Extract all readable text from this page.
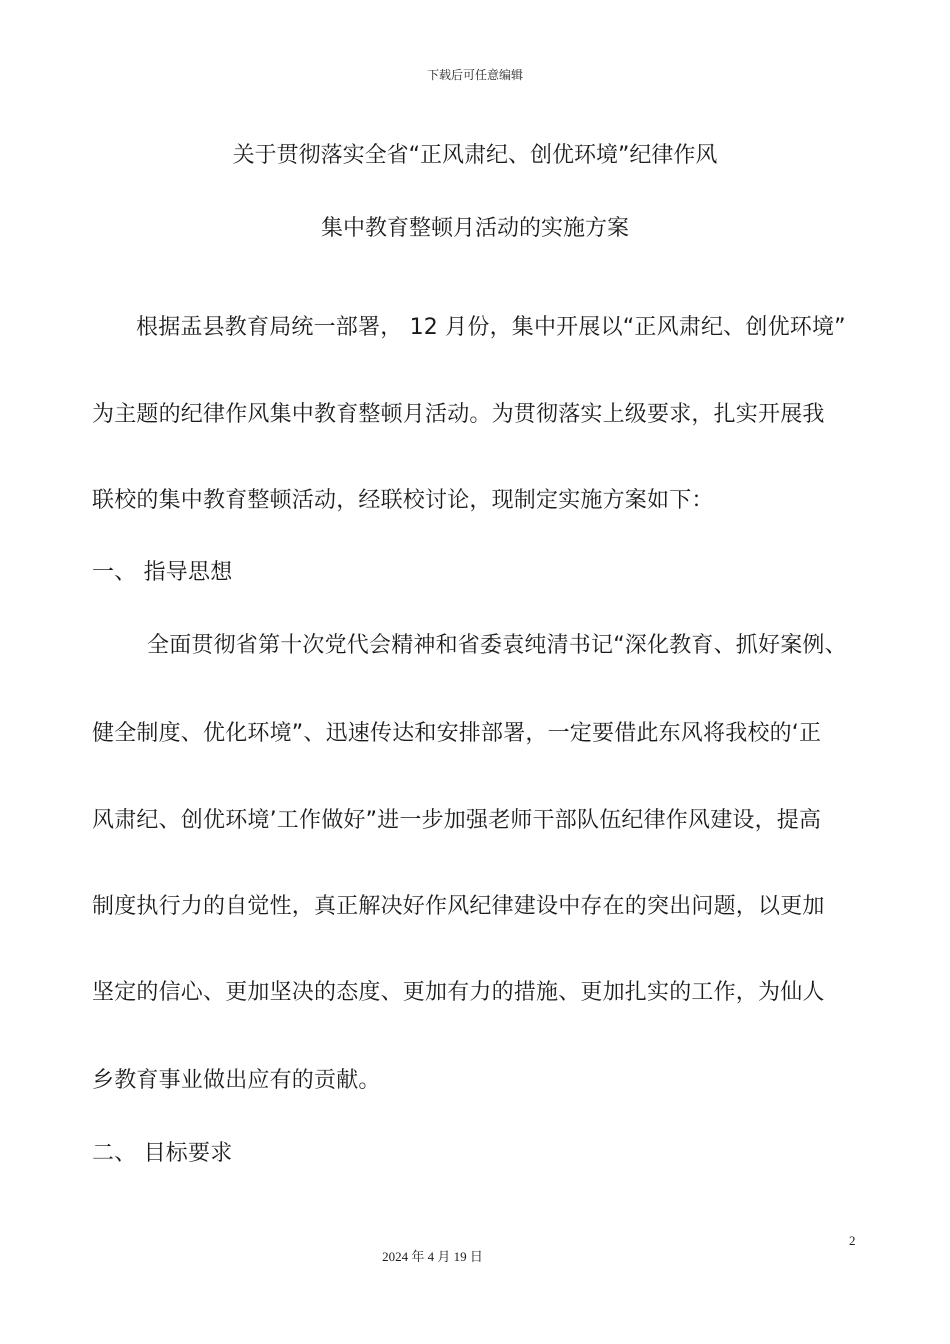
下载后可任意编辑
关于贯彻落实全省“正风肃纪、创优环境”纪律作风
集中教育整顿月活动的实施方案
根据盂县教育局统一部署， 12 月份，集中开展以“正风肃纪、创优环境”
为主题的纪律作风集中教育整顿月活动。为贯彻落实上级要求，扎实开展我
联校的集中教育整顿活动，经联校讨论，现制定实施方案如下：
一、 指导思想
全面贯彻省第十次党代会精神和省委袁纯清书记“深化教育、抓好案例、
健全制度、优化环境”、迅速传达和安排部署，一定要借此东风将我校的‘正
风肃纪、创优环境’工作做好”进一步加强老师干部队伍纪律作风建设，提高
制度执行力的自觉性，真正解决好作风纪律建设中存在的突出问题，以更加
坚定的信心、更加坚决的态度、更加有力的措施、更加扎实的工作，为仙人
乡教育事业做出应有的贡献。
二、 目标要求
2
2024 年 4 月 19 日
